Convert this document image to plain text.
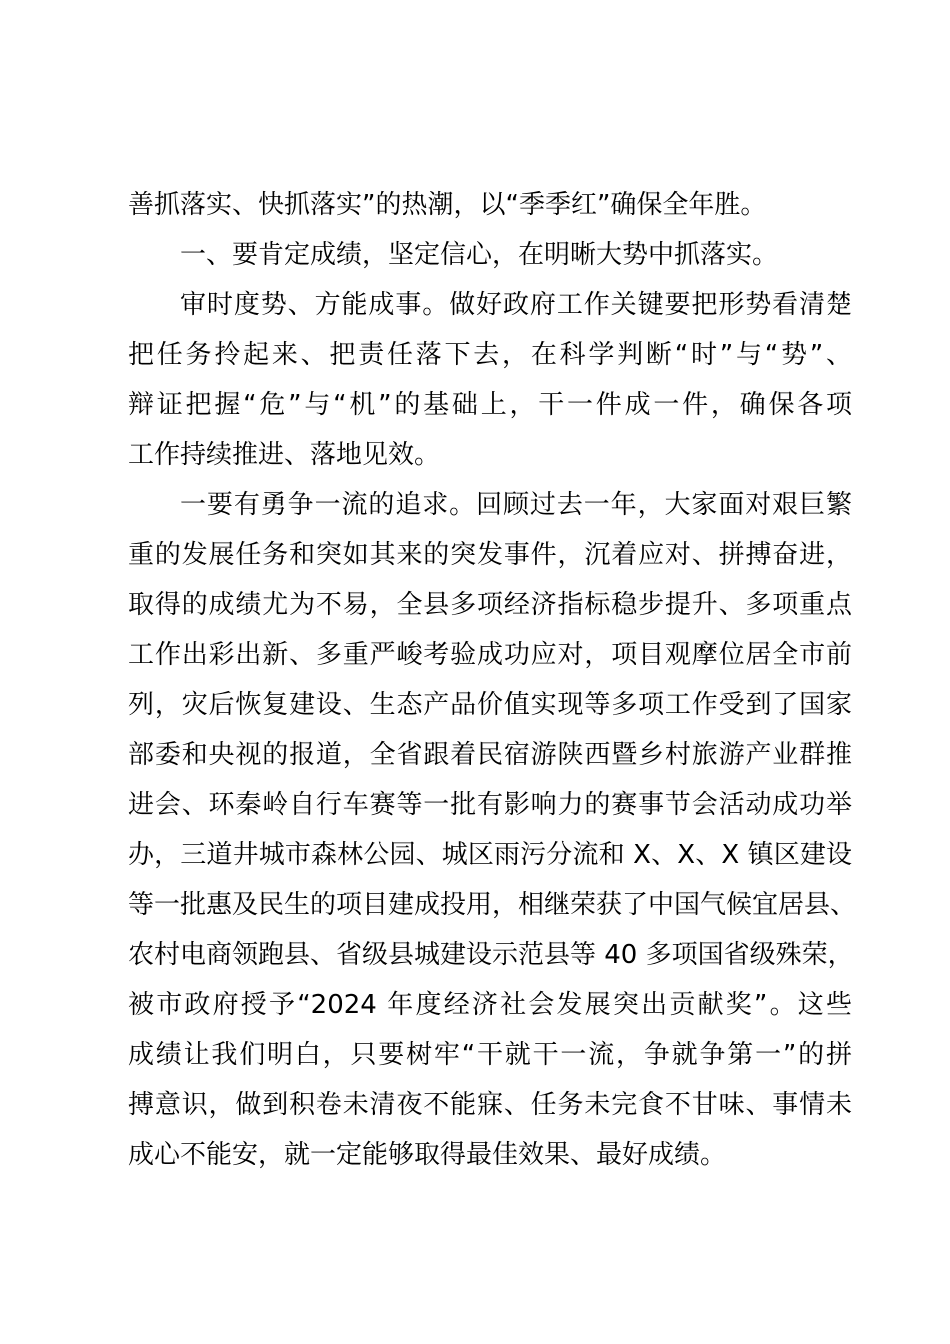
善抓落实、快抓落实”的热潮，以“季季红”确保全年胜。
一、要肯定成绩，坚定信心，在明晰大势中抓落实。
审时度势、方能成事。做好政府工作关键要把形势看清楚
把任务拎起来、把责任落下去，在科学判断“时”与“势”、
辩证把握“危”与“机”的基础上，干一件成一件，确保各项
工作持续推进、落地见效。
一要有勇争一流的追求。回顾过去一年，大家面对艰巨繁
重的发展任务和突如其来的突发事件，沉着应对、拼搏奋进，
取得的成绩尤为不易，全县多项经济指标稳步提升、多项重点
工作出彩出新、多重严峻考验成功应对，项目观摩位居全市前
列，灾后恢复建设、生态产品价值实现等多项工作受到了国家
部委和央视的报道，全省跟着民宿游陕西暨乡村旅游产业群推
进会、环秦岭自行车赛等一批有影响力的赛事节会活动成功举
办，三道井城市森林公园、城区雨污分流和 X、X、X 镇区建设
等一批惠及民生的项目建成投用，相继荣获了中国气候宜居县、
农村电商领跑县、省级县城建设示范县等 40 多项国省级殊荣，
被市政府授予“2024 年度经济社会发展突出贡献奖”。这些
成绩让我们明白，只要树牢“干就干一流，争就争第一”的拼
搏意识，做到积卷未清夜不能寐、任务未完食不甘味、事情未
成心不能安，就一定能够取得最佳效果、最好成绩。
